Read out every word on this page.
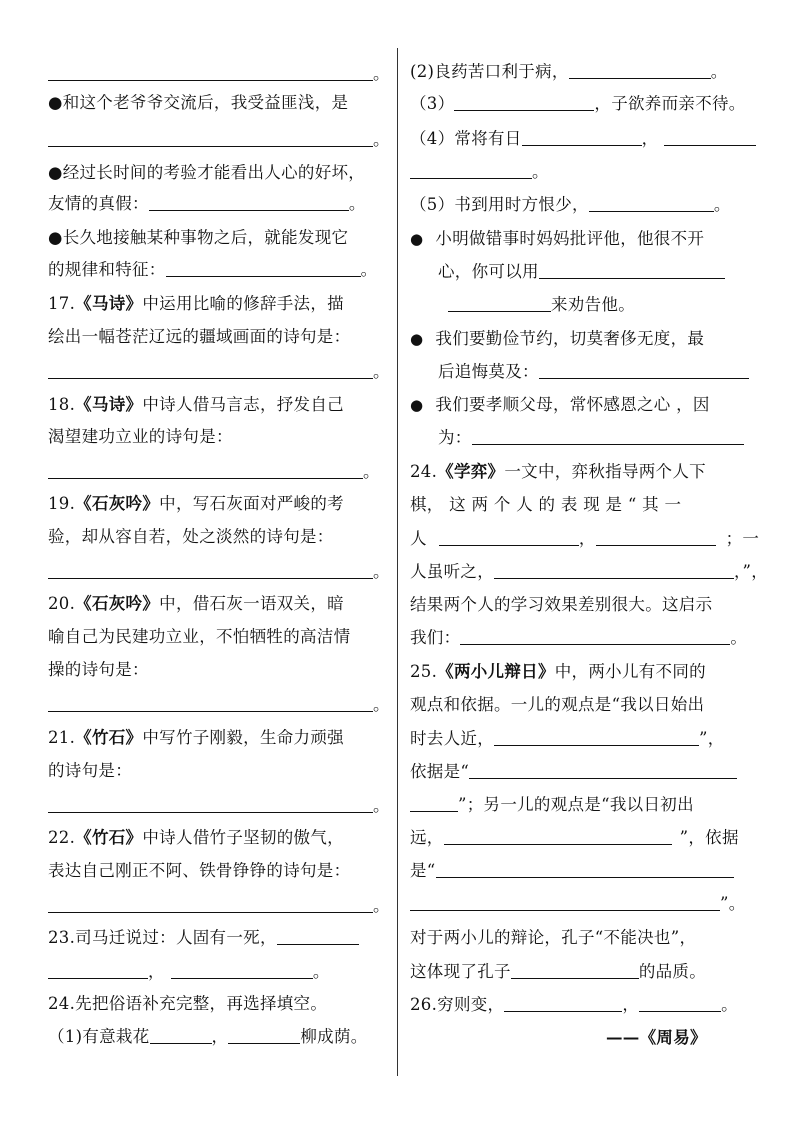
。
●和这个老爷爷交流后，我受益匪浅，是
。
●经过长时间的考验才能看出人心的好坏，
友情的真假：	。
●长久地接触某种事物之后，就能发现它
的规律和特征：	。
17.《马诗》中运用比喻的修辞手法，描
绘出一幅苍茫辽远的疆域画面的诗句是：
。
18.《马诗》中诗人借马言志，抒发自己
渴望建功立业的诗句是：
。
19.《石灰吟》中，写石灰面对严峻的考
验，却从容自若，处之淡然的诗句是：
。
20.《石灰吟》中，借石灰一语双关，暗
喻自己为民建功立业，不怕牺牲的高洁情
操的诗句是：
。
21.《竹石》中写竹子刚毅，生命力顽强
的诗句是：
。
22.《竹石》中诗人借竹子坚韧的傲气，
表达自己刚正不阿、铁骨铮铮的诗句是：
。
23.司马迁说过：人固有一死，
，	。
24.先把俗语补充完整，再选择填空。
（1)有意栽花	，	柳成荫。
(2)良药苦口利于病，	。
（3）	，子欲养而亲不待。
（4）常将有日	，
。
（5）书到用时方恨少，	。
● 小明做错事时妈妈批评他，他很不开
心，你可以用
来劝告他。
● 我们要勤俭节约，切莫奢侈无度，最
后追悔莫及：
● 我们要孝顺父母，常怀感恩之心 ，因
为：
24.《学弈》一文中，弈秋指导两个人下
棋， 这 两 个 人 的 表 现 是 “ 其 一
人	，	；一
人虽听之，	，”，
结果两个人的学习效果差别很大。这启示
我们：	。
25.《两小儿辩日》中，两小儿有不同的
观点和依据。一儿的观点是“我以日始出
时去人近，	”，
依据是“
”；另一儿的观点是“我以日初出
远，	”，依据
是“
”。
对于两小儿的辩论，孔子“不能决也”，
这体现了孔子	的品质。
26.穷则变，	，	。
——《周易》
